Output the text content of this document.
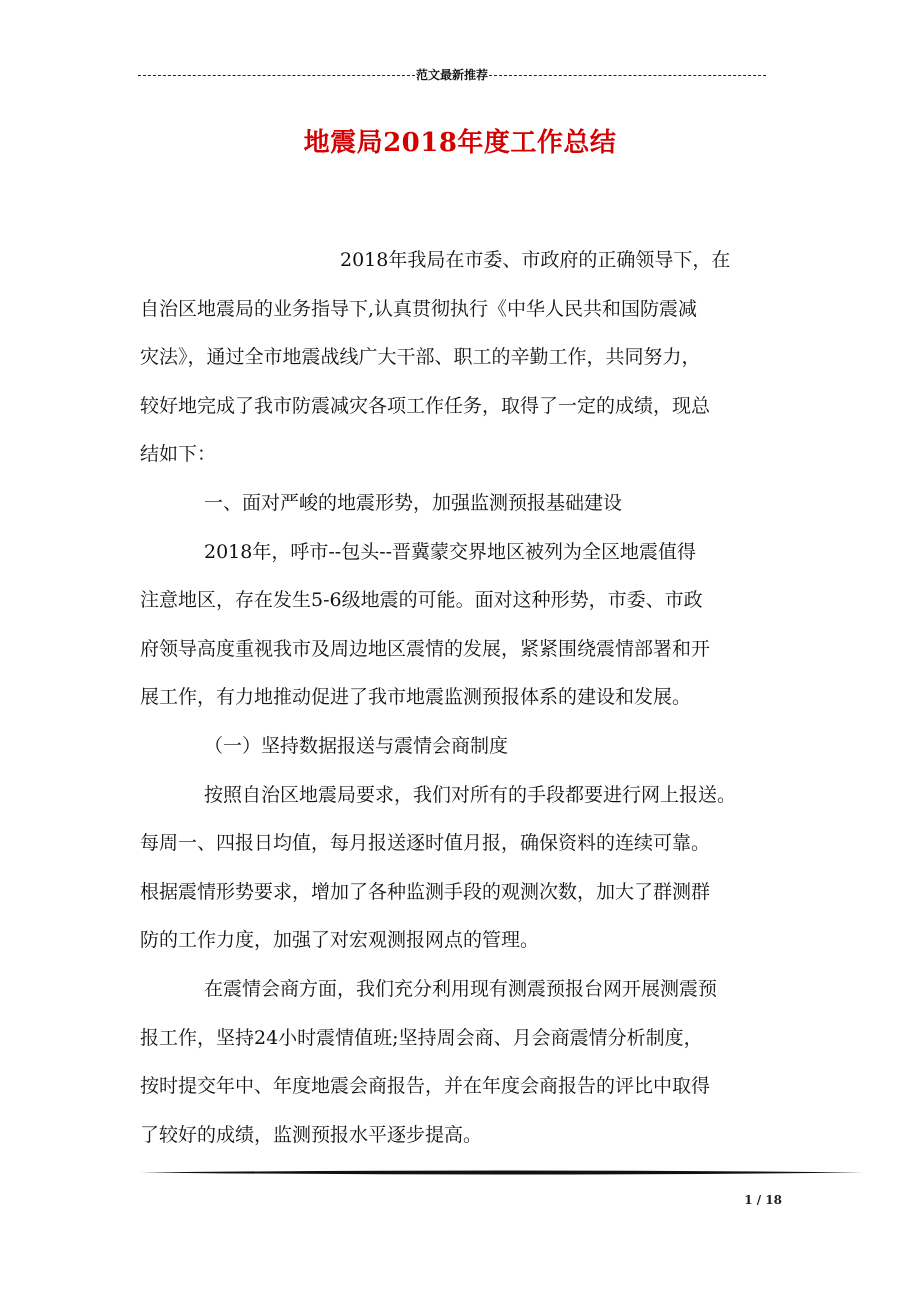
范文最新推荐
地震局2018年度工作总结
2018年我局在市委、市政府的正确领导下，在
自治区地震局的业务指导下,认真贯彻执行《中华人民共和国防震减
灾法》，通过全市地震战线广大干部、职工的辛勤工作，共同努力，
较好地完成了我市防震减灾各项工作任务，取得了一定的成绩，现总
结如下：
一、面对严峻的地震形势，加强监测预报基础建设
2018年，呼市--包头--晋冀蒙交界地区被列为全区地震值得
注意地区，存在发生5-6级地震的可能。面对这种形势，市委、市政
府领导高度重视我市及周边地区震情的发展，紧紧围绕震情部署和开
展工作，有力地推动促进了我市地震监测预报体系的建设和发展。
（一）坚持数据报送与震情会商制度
按照自治区地震局要求，我们对所有的手段都要进行网上报送。
每周一、四报日均值，每月报送逐时值月报，确保资料的连续可靠。
根据震情形势要求，增加了各种监测手段的观测次数，加大了群测群
防的工作力度，加强了对宏观测报网点的管理。
在震情会商方面，我们充分利用现有测震预报台网开展测震预
报工作，坚持24小时震情值班;坚持周会商、月会商震情分析制度，
按时提交年中、年度地震会商报告，并在年度会商报告的评比中取得
了较好的成绩，监测预报水平逐步提高。
1 / 18
